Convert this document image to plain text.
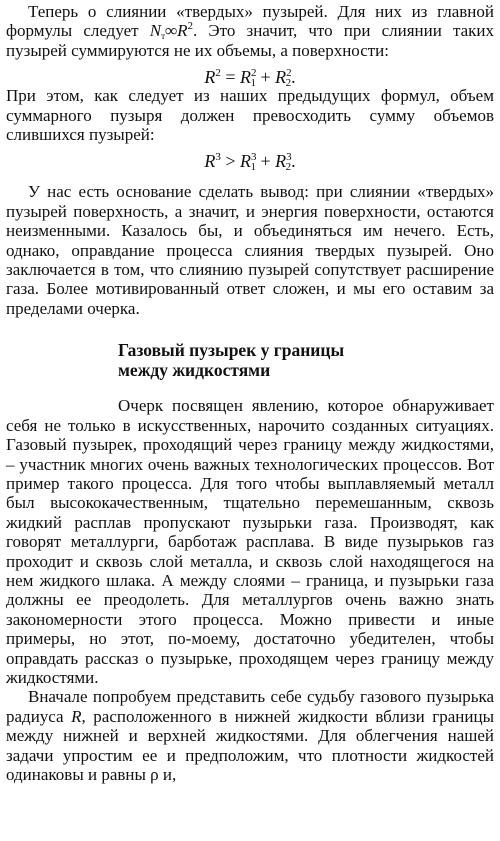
Теперь о слиянии «твердых» пузырей. Для них из главной формулы следует $N_т\infty R^2$. Это значит, что при слиянии таких пузырей суммируются не их объемы, а поверхности:

$R^2 = R^2_1 + R^2_2$.

При этом, как следует из наших предыдущих формул, объем суммарного пузыря должен превосходить сумму объемов слившихся пузырей:

$R^3 > R^3_1 + R^3_2$.

У нас есть основание сделать вывод: при слиянии «твердых» пузырей поверхность, а значит, и энергия поверхности, остаются неизменными. Казалось бы, и объединяться им нечего. Есть, однако, оправдание процесса слияния твердых пузырей. Оно заключается в том, что слиянию пузырей сопутствует расширение газа. Более мотивированный ответ сложен, и мы его оставим за пределами очерка.

Газовый пузырек у границы
между жидкостями

Очерк посвящен явлению, которое обнаруживает себя не только в искусственных, нарочито созданных ситуациях. Газовый пузырек, проходящий через границу между жидкостями, – участник многих очень важных технологических процессов. Вот пример такого процесса. Для того чтобы выплавляемый металл был высококачественным, тщательно перемешанным, сквозь жидкий расплав пропускают пузырьки газа. Производят, как говорят металлурги, барботаж расплава. В виде пузырьков газ проходит и сквозь слой металла, и сквозь слой находящегося на нем жидкого шлака. А между слоями – граница, и пузырьки газа должны ее преодолеть. Для металлургов очень важно знать закономерности этого процесса. Можно привести и иные примеры, но этот, по-моему, достаточно убедителен, чтобы оправдать рассказ о пузырьке, проходящем через границу между жидкостями.

Вначале попробуем представить себе судьбу газового пузырька радиуса R, расположенного в нижней жидкости вблизи границы между нижней и верхней жидкостями. Для облегчения нашей задачи упростим ее и предположим, что плотности жидкостей одинаковы и равны ρ и,
